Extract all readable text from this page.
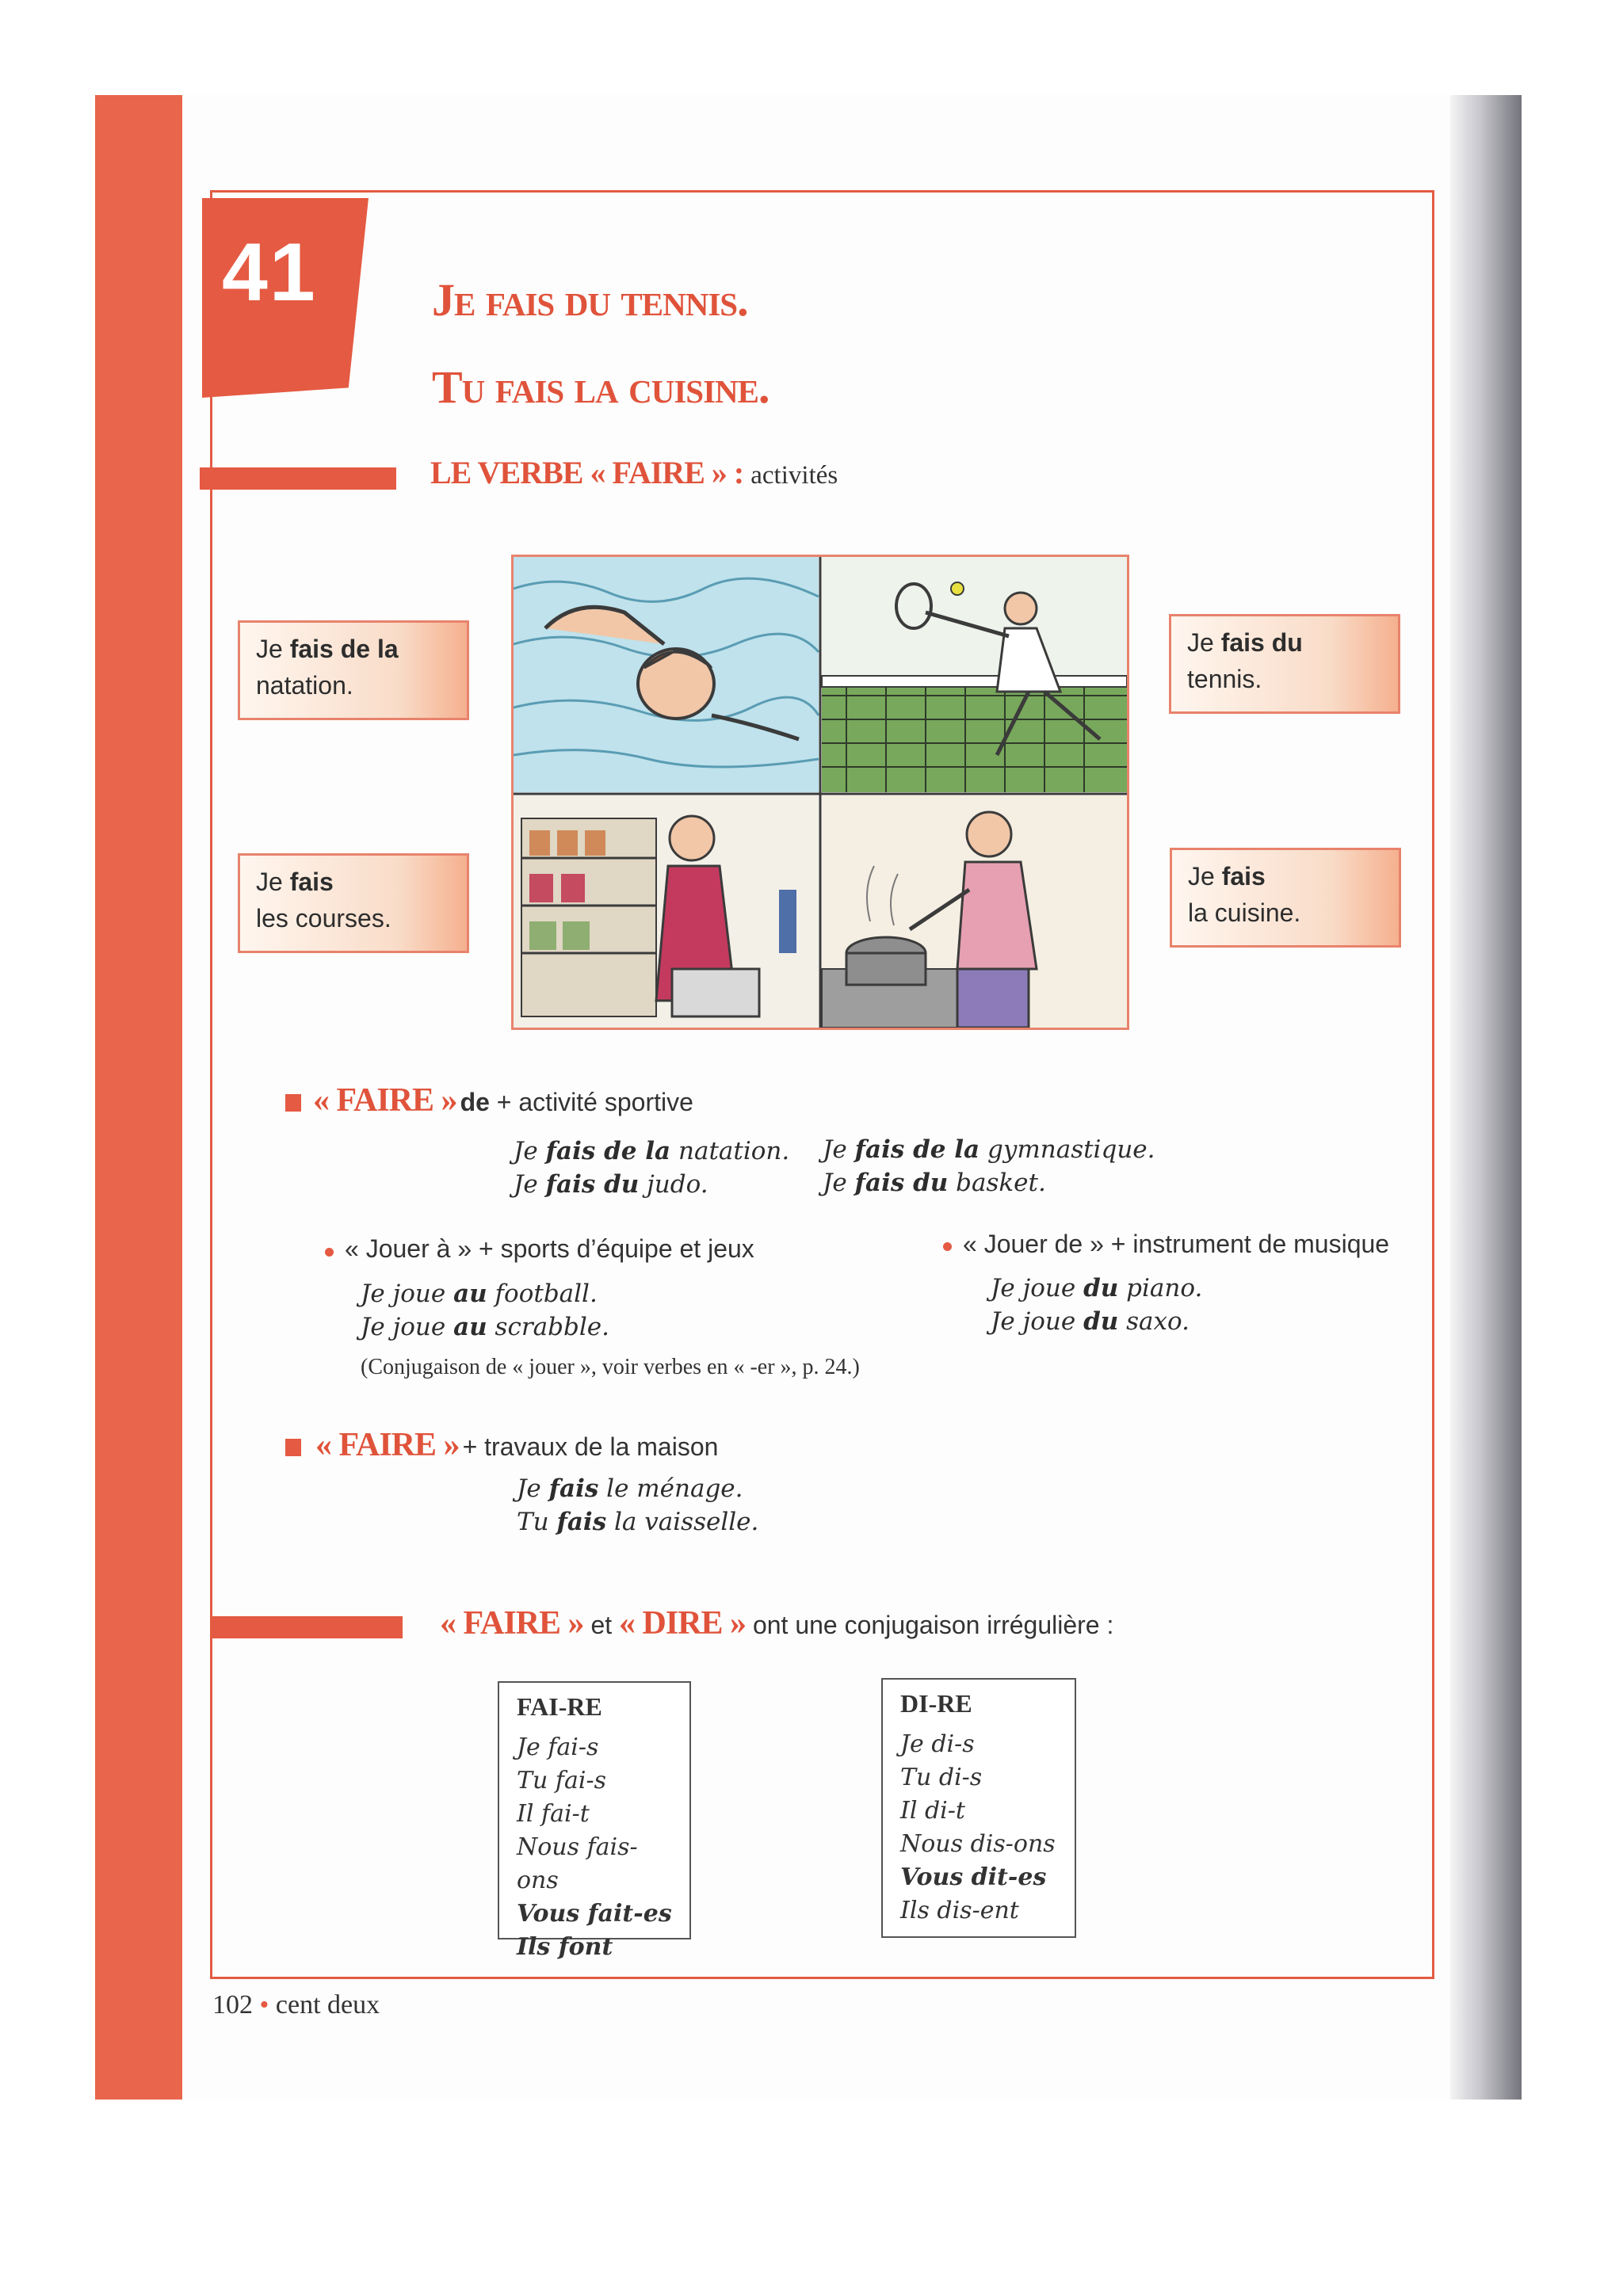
41	Je fais du tennis.
Tu fais la cuisine.
LE VERBE « FAIRE » : activités
Je fais de la
natation.
Je fais du
tennis.
Je fais
les courses.
Je fais
la cuisine.
« FAIRE » de + activité sportive
Je fais de la natation.
Je fais du judo.
Je fais de la gymnastique.
Je fais du basket.
« Jouer à » + sports d’équipe et jeux
Je joue au football.
Je joue au scrabble.
(Conjugaison de « jouer », voir verbes en « -er », p. 24.)
« Jouer de » + instrument de musique
Je joue du piano.
Je joue du saxo.
« FAIRE » + travaux de la maison
Je fais le ménage.
Tu fais la vaisselle.
« FAIRE » et « DIRE » ont une conjugaison irrégulière :
FAI-RE
Je fai-s
Tu fai-s
Il fai-t
Nous fais-ons
Vous fait-es
Ils font
DI-RE
Je di-s
Tu di-s
Il di-t
Nous dis-ons
Vous dit-es
Ils dis-ent
102 • cent deux
